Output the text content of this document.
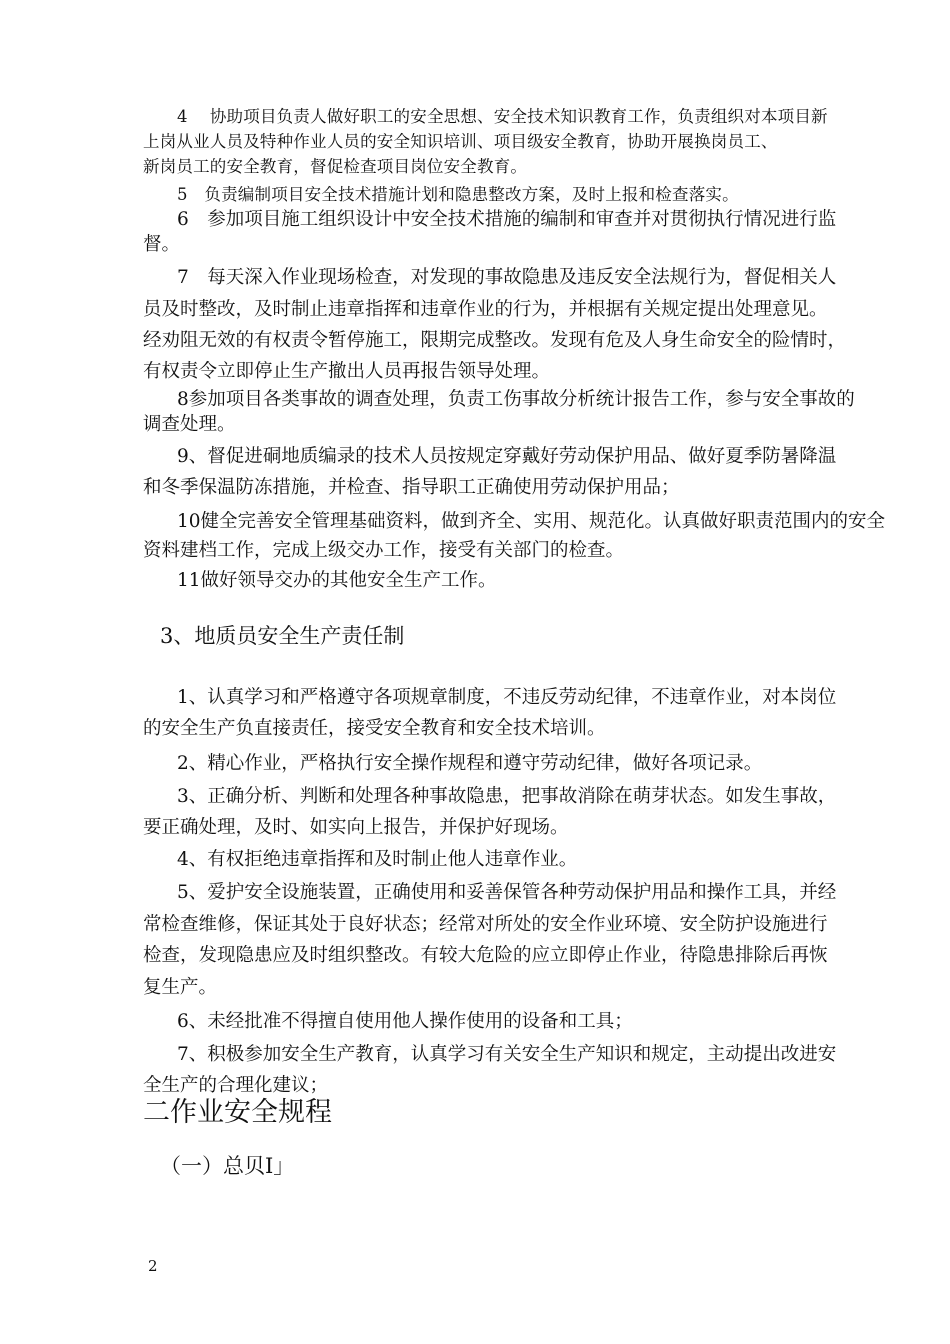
4　 协助项目负责人做好职工的安全思想、安全技术知识教育工作，负责组织对本项目新
上岗从业人员及特种作业人员的安全知识培训、项目级安全教育，协助开展换岗员工、
新岗员工的安全教育，督促检查项目岗位安全教育。
5　负责编制项目安全技术措施计划和隐患整改方案，及时上报和检查落实。
6　参加项目施工组织设计中安全技术措施的编制和审查并对贯彻执行情况进行监
督。
7　每天深入作业现场检查，对发现的事故隐患及违反安全法规行为，督促相关人
员及时整改，及时制止违章指挥和违章作业的行为，并根据有关规定提出处理意见。
经劝阻无效的有权责令暂停施工，限期完成整改。发现有危及人身生命安全的险情时，
有权责令立即停止生产撤出人员再报告领导处理。
8参加项目各类事故的调查处理，负责工伤事故分析统计报告工作，参与安全事故的
调查处理。
9、督促进硐地质编录的技术人员按规定穿戴好劳动保护用品、做好夏季防暑降温
和冬季保温防冻措施，并检查、指导职工正确使用劳动保护用品；
10健全完善安全管理基础资料，做到齐全、实用、规范化。认真做好职责范围内的安全
资料建档工作，完成上级交办工作，接受有关部门的检查。
11做好领导交办的其他安全生产工作。
3、地质员安全生产责任制
1、认真学习和严格遵守各项规章制度，不违反劳动纪律，不违章作业，对本岗位
的安全生产负直接责任，接受安全教育和安全技术培训。
2、精心作业，严格执行安全操作规程和遵守劳动纪律，做好各项记录。
3、正确分析、判断和处理各种事故隐患，把事故消除在萌芽状态。如发生事故，
要正确处理，及时、如实向上报告，并保护好现场。
4、有权拒绝违章指挥和及时制止他人违章作业。
5、爱护安全设施装置，正确使用和妥善保管各种劳动保护用品和操作工具，并经
常检查维修，保证其处于良好状态；经常对所处的安全作业环境、安全防护设施进行
检查，发现隐患应及时组织整改。有较大危险的应立即停止作业，待隐患排除后再恢
复生产。
6、未经批准不得擅自使用他人操作使用的设备和工具；
7、积极参加安全生产教育，认真学习有关安全生产知识和规定，主动提出改进安
全生产的合理化建议；
二作业安全规程
（一）总贝I」
2
